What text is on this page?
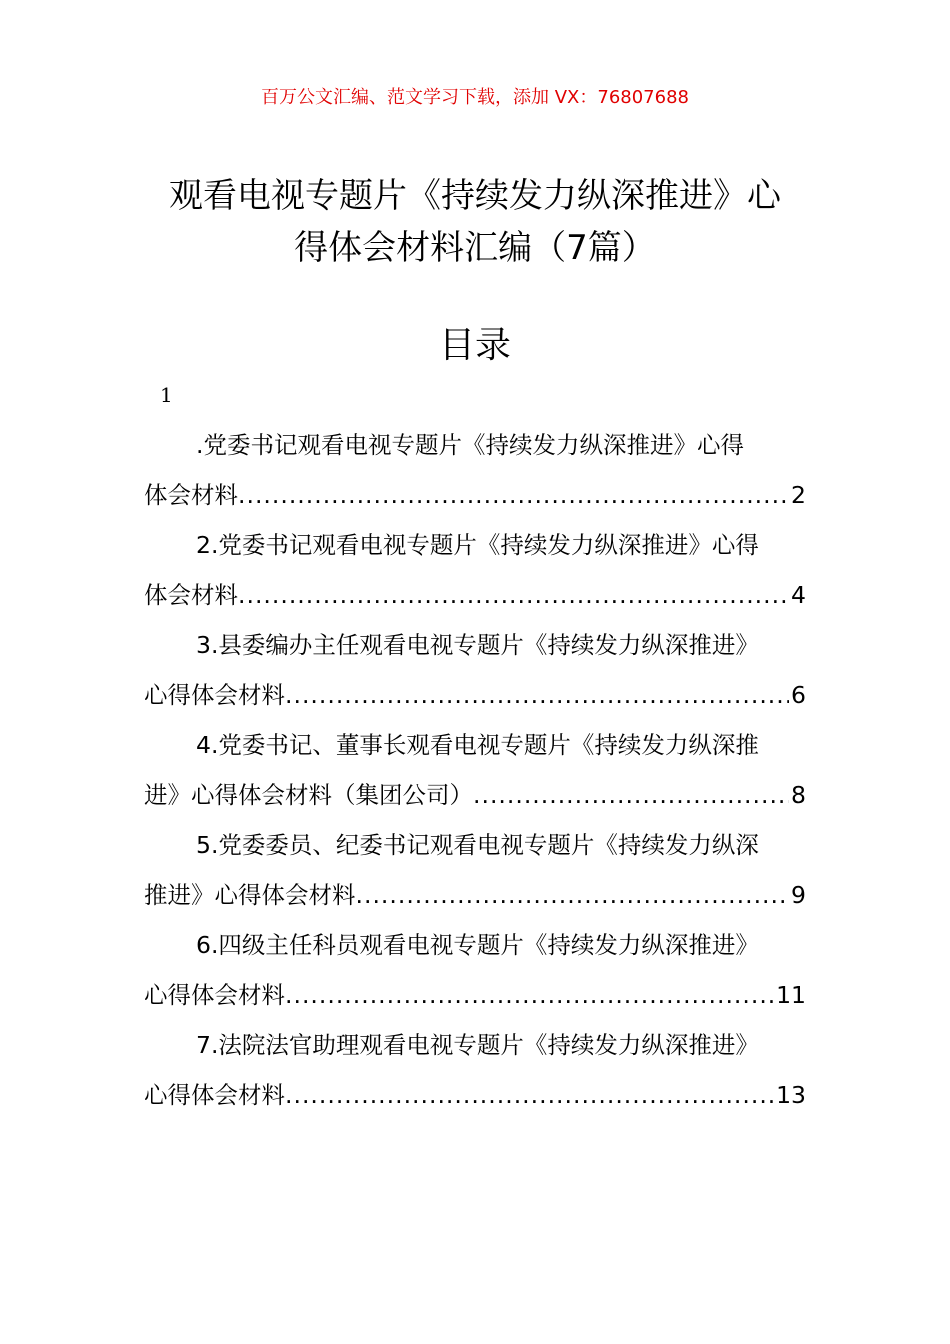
百万公文汇编、范文学习下载，添加 VX：76807688
观看电视专题片《持续发力纵深推进》心
得体会材料汇编（7篇）
目录
1
.党委书记观看电视专题片《持续发力纵深推进》心得
体会材料 .....	2
2.党委书记观看电视专题片《持续发力纵深推进》心得
体会材料 .....	4
3.县委编办主任观看电视专题片《持续发力纵深推进》
心得体会材料 .....	6
4.党委书记、董事长观看电视专题片《持续发力纵深推
进》心得体会材料（集团公司） .....	8
5.党委委员、纪委书记观看电视专题片《持续发力纵深
推进》心得体会材料 .....	9
6.四级主任科员观看电视专题片《持续发力纵深推进》
心得体会材料 .....	11
7.法院法官助理观看电视专题片《持续发力纵深推进》
心得体会材料 .....	13
